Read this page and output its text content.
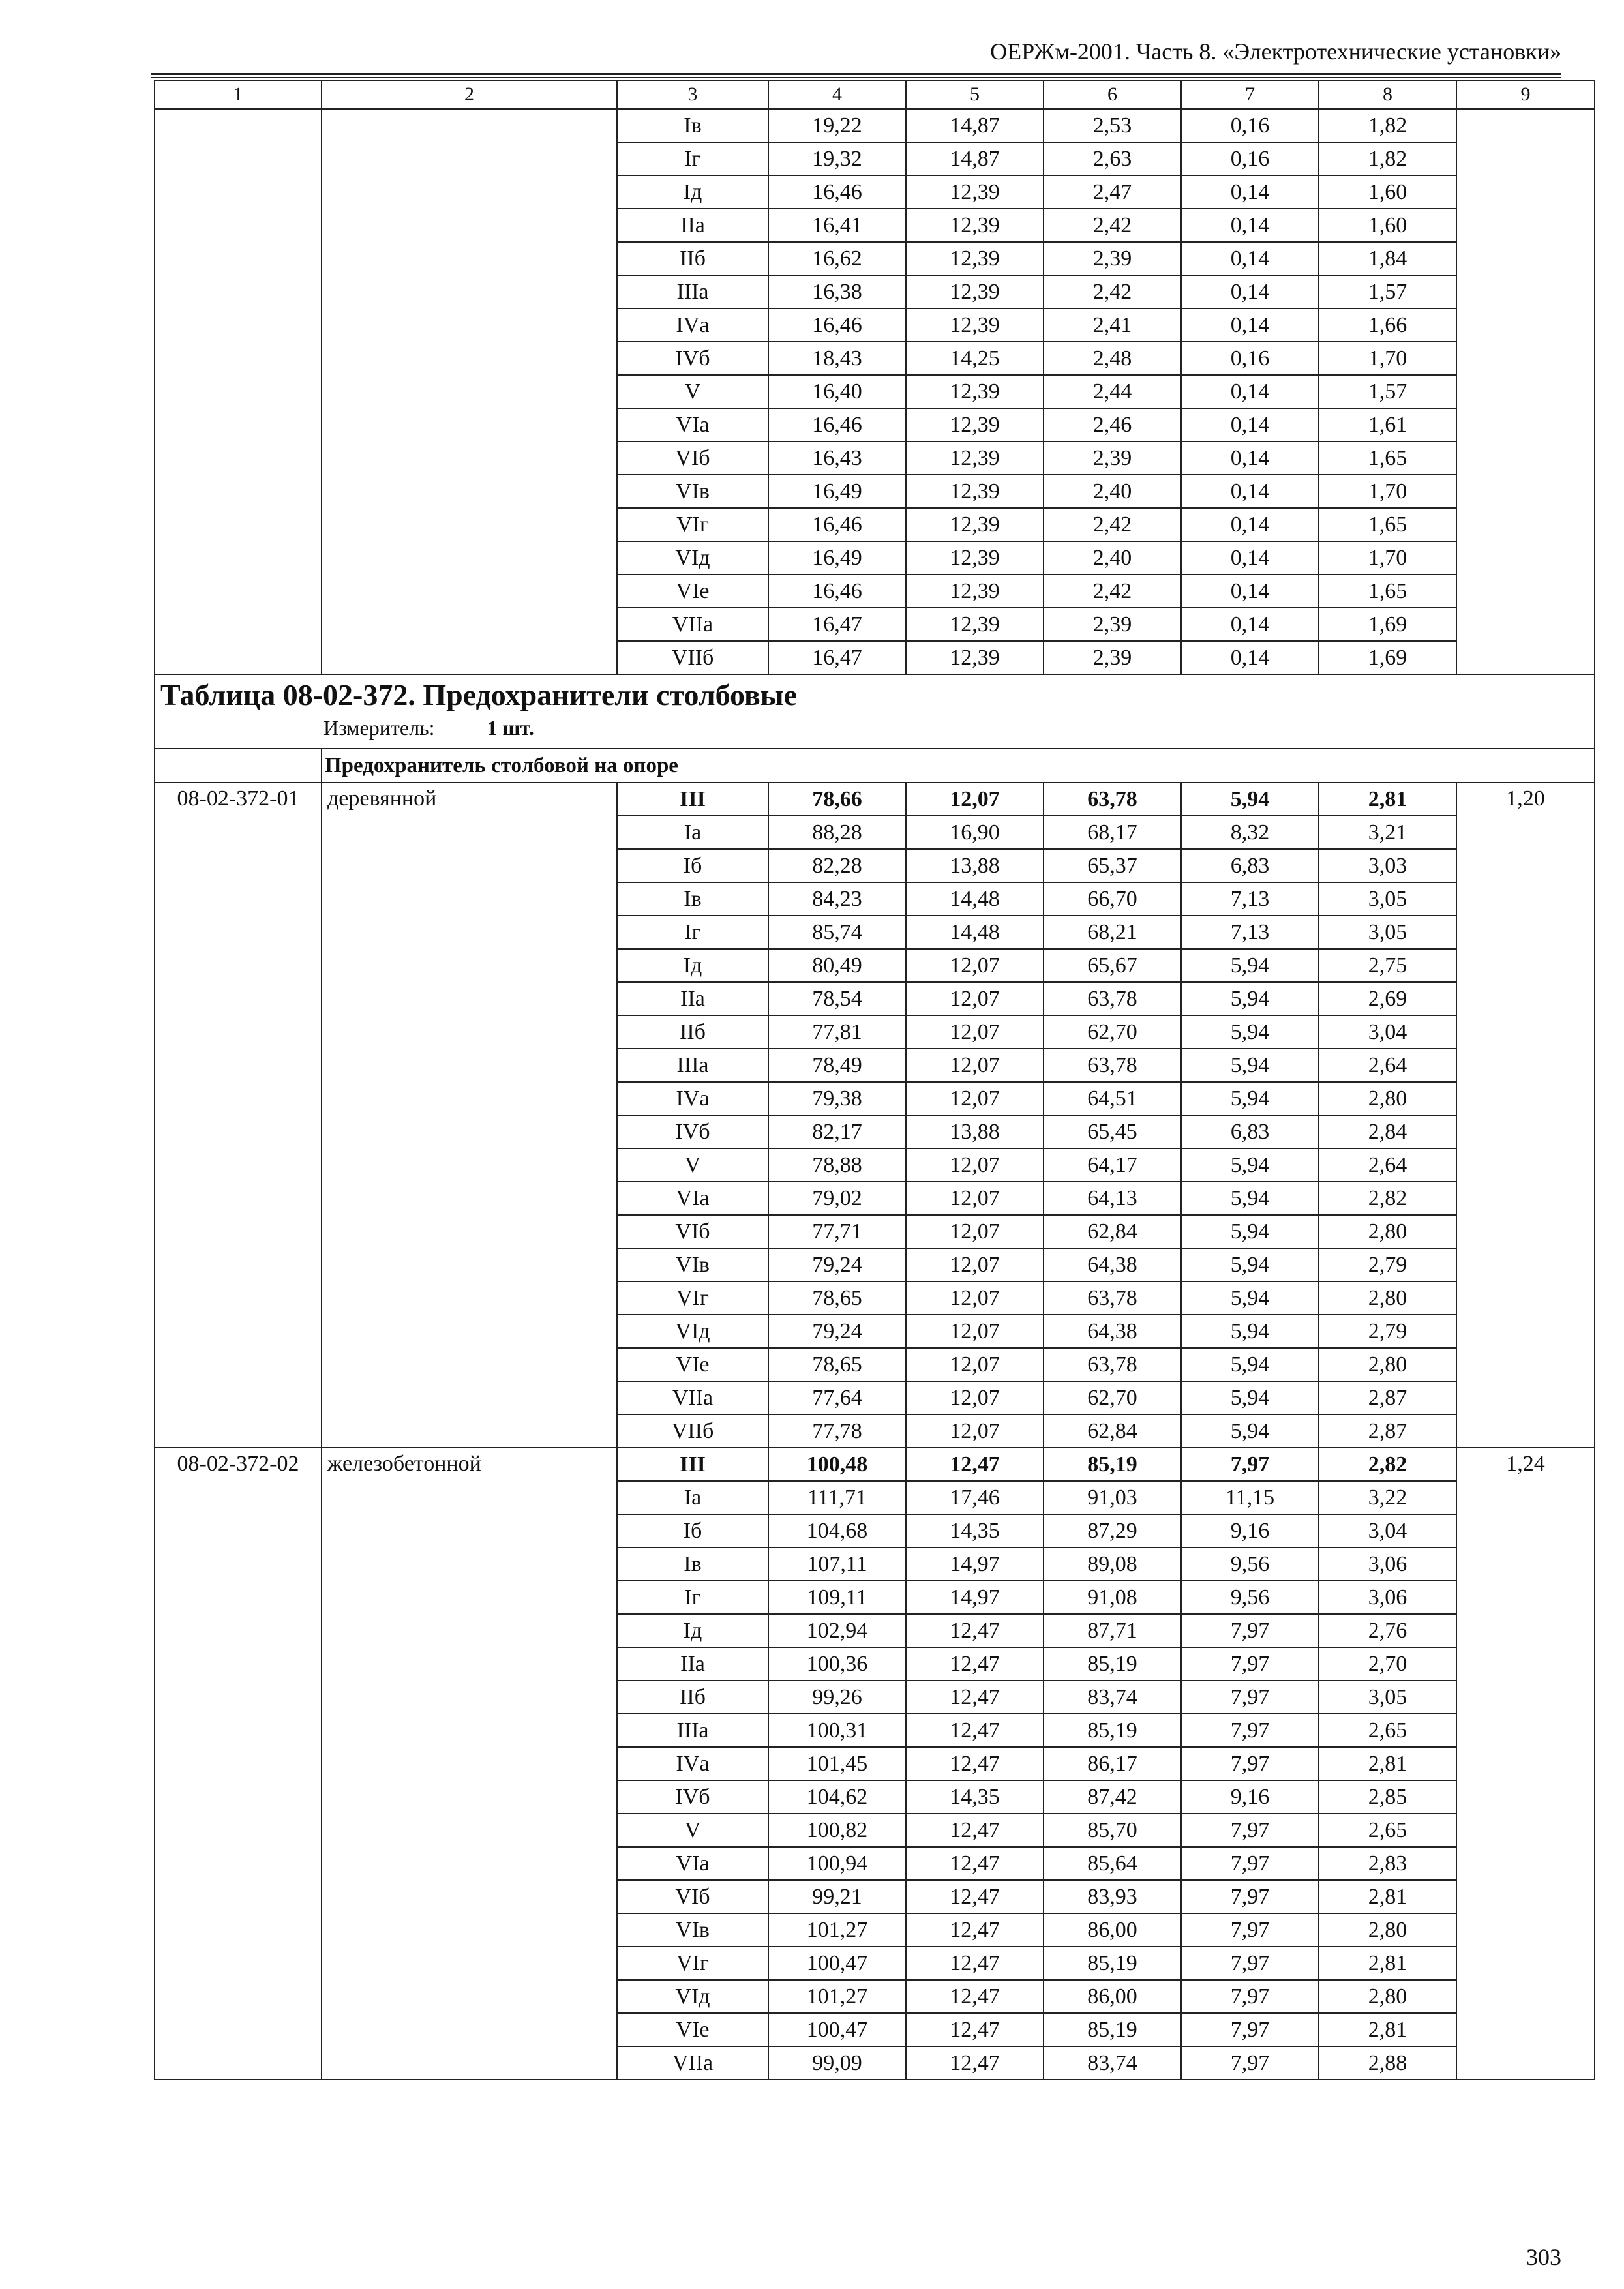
ОЕРЖм-2001. Часть 8. «Электротехнические установки»
1	2	3	4	5	6	7	8	9
		Iв	19,22	14,87	2,53	0,16	1,82	
		Iг	19,32	14,87	2,63	0,16	1,82	
		Iд	16,46	12,39	2,47	0,14	1,60	
		IIа	16,41	12,39	2,42	0,14	1,60	
		IIб	16,62	12,39	2,39	0,14	1,84	
		IIIа	16,38	12,39	2,42	0,14	1,57	
		IVа	16,46	12,39	2,41	0,14	1,66	
		IVб	18,43	14,25	2,48	0,16	1,70	
		V	16,40	12,39	2,44	0,14	1,57	
		VIа	16,46	12,39	2,46	0,14	1,61	
		VIб	16,43	12,39	2,39	0,14	1,65	
		VIв	16,49	12,39	2,40	0,14	1,70	
		VIг	16,46	12,39	2,42	0,14	1,65	
		VIд	16,49	12,39	2,40	0,14	1,70	
		VIе	16,46	12,39	2,42	0,14	1,65	
		VIIа	16,47	12,39	2,39	0,14	1,69	
		VIIб	16,47	12,39	2,39	0,14	1,69	

Таблица 08-02-372. Предохранители столбовые
Измеритель: 1 шт.								

	Предохранитель столбовой на опоре							
08-02-372-01	деревянной	III	78,66	12,07	63,78	5,94	2,81	1,20
		Iа	88,28	16,90	68,17	8,32	3,21	
		Iб	82,28	13,88	65,37	6,83	3,03	
		Iв	84,23	14,48	66,70	7,13	3,05	
		Iг	85,74	14,48	68,21	7,13	3,05	
		Iд	80,49	12,07	65,67	5,94	2,75	
		IIа	78,54	12,07	63,78	5,94	2,69	
		IIб	77,81	12,07	62,70	5,94	3,04	
		IIIа	78,49	12,07	63,78	5,94	2,64	
		IVа	79,38	12,07	64,51	5,94	2,80	
		IVб	82,17	13,88	65,45	6,83	2,84	
		V	78,88	12,07	64,17	5,94	2,64	
		VIа	79,02	12,07	64,13	5,94	2,82	
		VIб	77,71	12,07	62,84	5,94	2,80	
		VIв	79,24	12,07	64,38	5,94	2,79	
		VIг	78,65	12,07	63,78	5,94	2,80	
		VIд	79,24	12,07	64,38	5,94	2,79	
		VIе	78,65	12,07	63,78	5,94	2,80	
		VIIа	77,64	12,07	62,70	5,94	2,87	
		VIIб	77,78	12,07	62,84	5,94	2,87	
08-02-372-02	железобетонной	III	100,48	12,47	85,19	7,97	2,82	1,24
		Iа	111,71	17,46	91,03	11,15	3,22	
		Iб	104,68	14,35	87,29	9,16	3,04	
		Iв	107,11	14,97	89,08	9,56	3,06	
		Iг	109,11	14,97	91,08	9,56	3,06	
		Iд	102,94	12,47	87,71	7,97	2,76	
		IIа	100,36	12,47	85,19	7,97	2,70	
		IIб	99,26	12,47	83,74	7,97	3,05	
		IIIа	100,31	12,47	85,19	7,97	2,65	
		IVа	101,45	12,47	86,17	7,97	2,81	
		IVб	104,62	14,35	87,42	9,16	2,85	
		V	100,82	12,47	85,70	7,97	2,65	
		VIа	100,94	12,47	85,64	7,97	2,83	
		VIб	99,21	12,47	83,93	7,97	2,81	
		VIв	101,27	12,47	86,00	7,97	2,80	
		VIг	100,47	12,47	85,19	7,97	2,81	
		VIд	101,27	12,47	86,00	7,97	2,80	
		VIе	100,47	12,47	85,19	7,97	2,81	
		VIIа	99,09	12,47	83,74	7,97	2,88	
303
